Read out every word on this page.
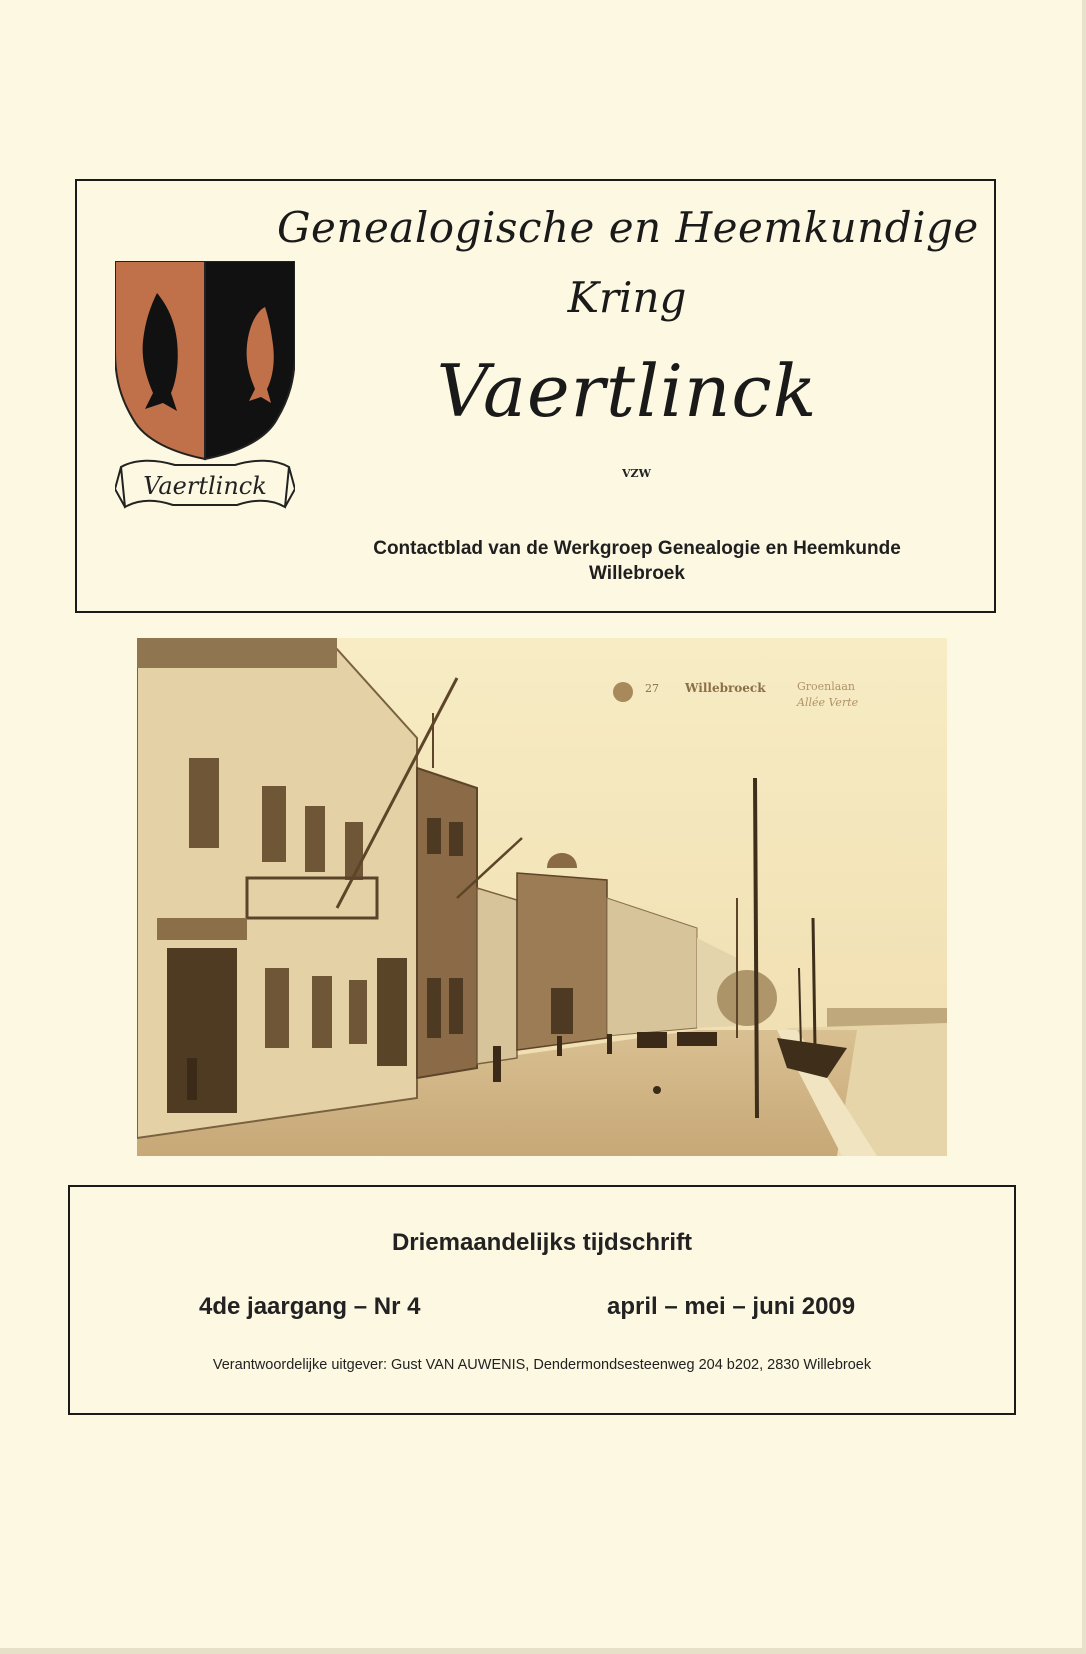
Vaertlinck
Genealogische en Heemkundige
Kring
Vaertlinck
VZW
Contactblad van de Werkgroep Genealogie en Heemkunde
Willebroek
27 Willebroeck	Groenlaan
Allée Verte
Driemaandelijks tijdschrift
4de jaargang – Nr 4	april – mei – juni 2009
Verantwoordelijke uitgever: Gust VAN AUWENIS, Dendermondsesteenweg 204 b202, 2830 Willebroek
